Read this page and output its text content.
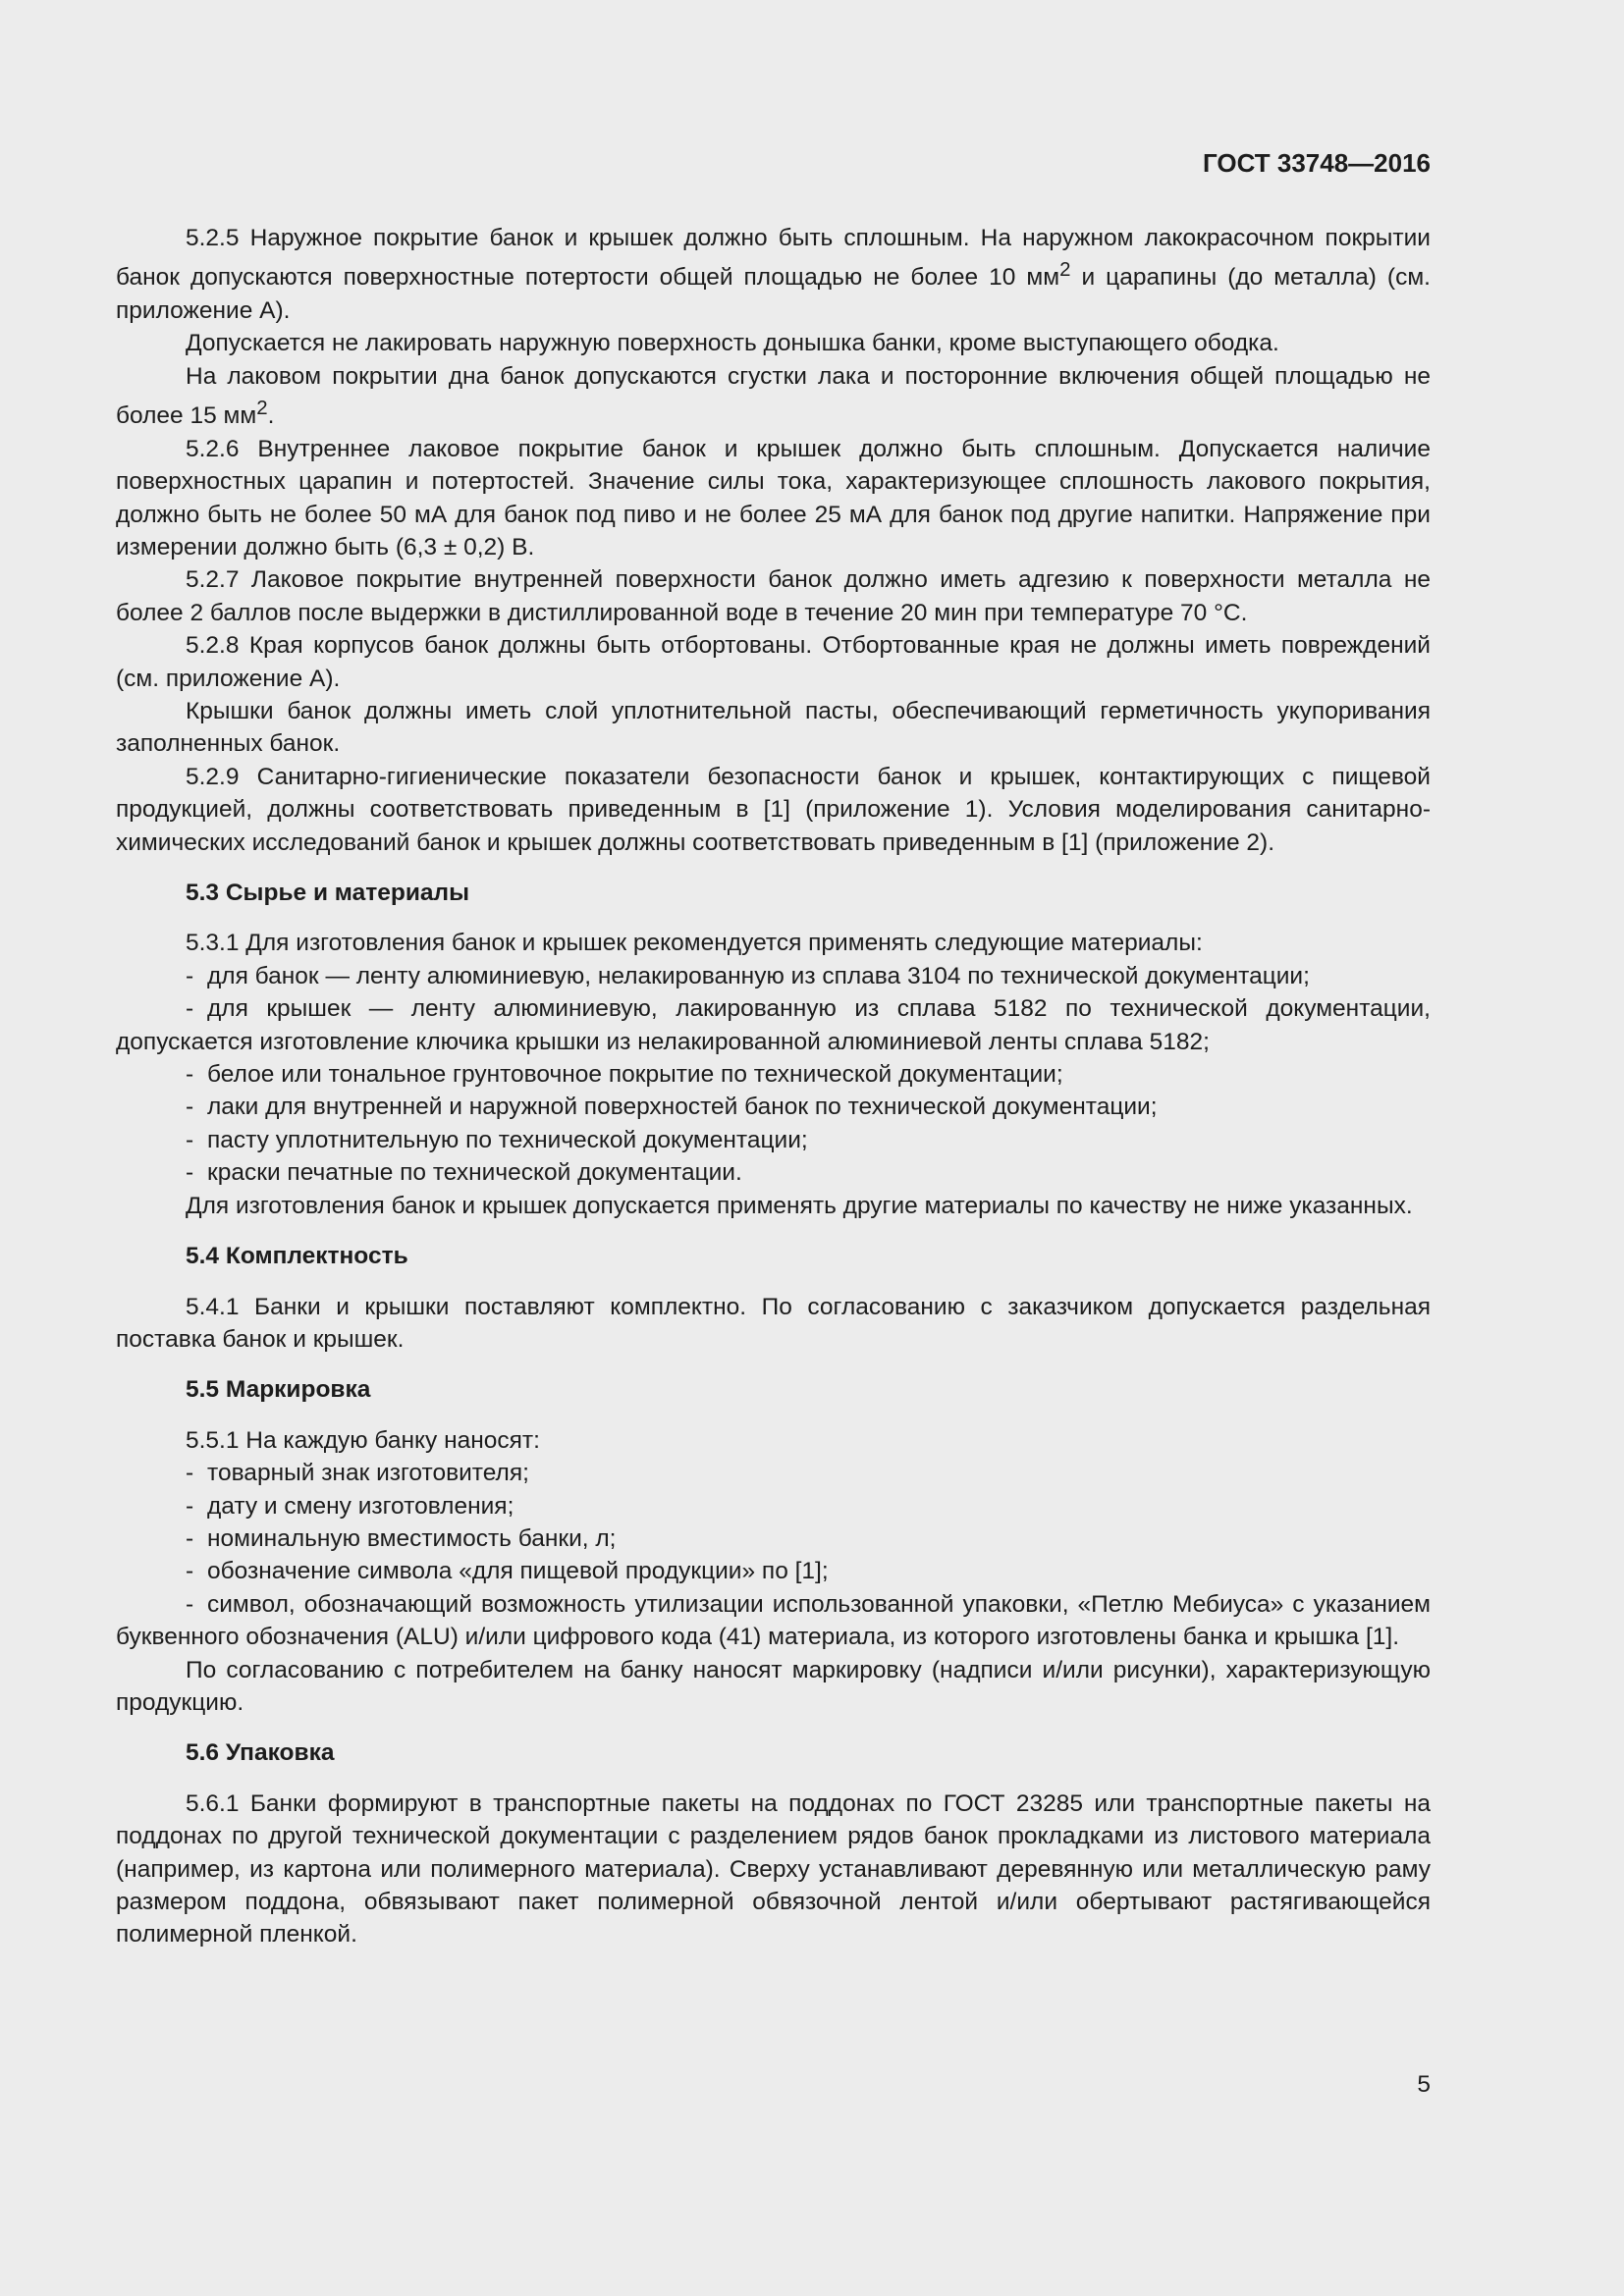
ГОСТ 33748—2016

5.2.5 Наружное покрытие банок и крышек должно быть сплошным. На наружном лакокрасочном покрытии банок допускаются поверхностные потертости общей площадью не более 10 $мм^2$ и царапины (до металла) (см. приложение А).

Допускается не лакировать наружную поверхность донышка банки, кроме выступающего ободка.

На лаковом покрытии дна банок допускаются сгустки лака и посторонние включения общей площадью не более 15 $мм^2$.

5.2.6 Внутреннее лаковое покрытие банок и крышек должно быть сплошным. Допускается наличие поверхностных царапин и потертостей. Значение силы тока, характеризующее сплошность лакового покрытия, должно быть не более 50 мА для банок под пиво и не более 25 мА для банок под другие напитки. Напряжение при измерении должно быть (6,3 ± 0,2) В.

5.2.7 Лаковое покрытие внутренней поверхности банок должно иметь адгезию к поверхности металла не более 2 баллов после выдержки в дистиллированной воде в течение 20 мин при температуре 70 °С.

5.2.8 Края корпусов банок должны быть отбортованы. Отбортованные края не должны иметь повреждений (см. приложение А).

Крышки банок должны иметь слой уплотнительной пасты, обеспечивающий герметичность укупоривания заполненных банок.

5.2.9 Санитарно-гигиенические показатели безопасности банок и крышек, контактирующих с пищевой продукцией, должны соответствовать приведенным в [1] (приложение 1). Условия моделирования санитарно-химических исследований банок и крышек должны соответствовать приведенным в [1] (приложение 2).

5.3 Сырье и материалы

5.3.1 Для изготовления банок и крышек рекомендуется применять следующие материалы:

- для банок — ленту алюминиевую, нелакированную из сплава 3104 по технической документации;

- для крышек — ленту алюминиевую, лакированную из сплава 5182 по технической документации, допускается изготовление ключика крышки из нелакированной алюминиевой ленты сплава 5182;

- белое или тональное грунтовочное покрытие по технической документации;

- лаки для внутренней и наружной поверхностей банок по технической документации;

- пасту уплотнительную по технической документации;

- краски печатные по технической документации.

Для изготовления банок и крышек допускается применять другие материалы по качеству не ниже указанных.

5.4 Комплектность

5.4.1 Банки и крышки поставляют комплектно. По согласованию с заказчиком допускается раздельная поставка банок и крышек.

5.5 Маркировка

5.5.1 На каждую банку наносят:

- товарный знак изготовителя;

- дату и смену изготовления;

- номинальную вместимость банки, л;

- обозначение символа «для пищевой продукции» по [1];

- символ, обозначающий возможность утилизации использованной упаковки, «Петлю Мебиуса» с указанием буквенного обозначения (ALU) и/или цифрового кода (41) материала, из которого изготовлены банка и крышка [1].

По согласованию с потребителем на банку наносят маркировку (надписи и/или рисунки), характеризующую продукцию.

5.6 Упаковка

5.6.1 Банки формируют в транспортные пакеты на поддонах по ГОСТ 23285 или транспортные пакеты на поддонах по другой технической документации с разделением рядов банок прокладками из листового материала (например, из картона или полимерного материала). Сверху устанавливают деревянную или металлическую раму размером поддона, обвязывают пакет полимерной обвязочной лентой и/или обертывают растягивающейся полимерной пленкой.

5
